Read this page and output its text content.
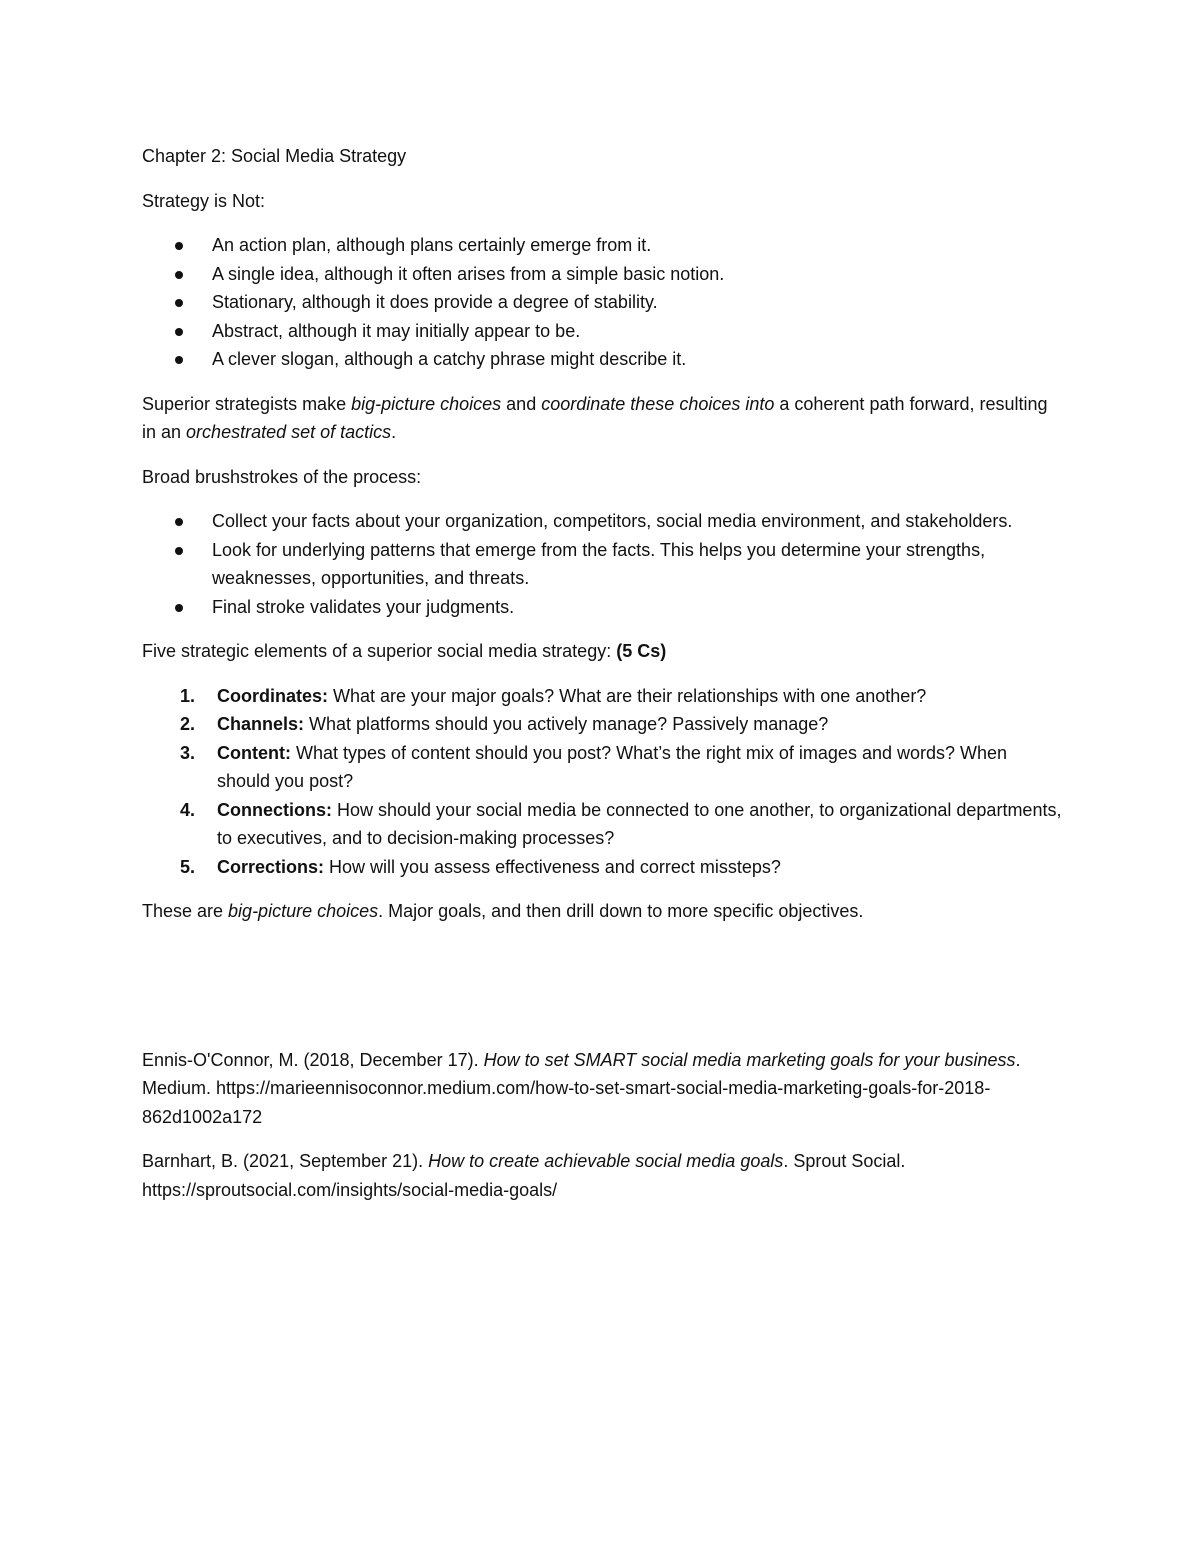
Chapter 2: Social Media Strategy

Strategy is Not:

An action plan, although plans certainly emerge from it.
A single idea, although it often arises from a simple basic notion.
Stationary, although it does provide a degree of stability.
Abstract, although it may initially appear to be.
A clever slogan, although a catchy phrase might describe it.

Superior strategists make big-picture choices and coordinate these choices into a coherent path forward, resulting in an orchestrated set of tactics.

Broad brushstrokes of the process:

Collect your facts about your organization, competitors, social media environment, and stakeholders.
Look for underlying patterns that emerge from the facts. This helps you determine your strengths, weaknesses, opportunities, and threats.
Final stroke validates your judgments.

Five strategic elements of a superior social media strategy: (5 Cs)

1. Coordinates: What are your major goals? What are their relationships with one another?
2. Channels: What platforms should you actively manage? Passively manage?
3. Content: What types of content should you post? What’s the right mix of images and words? When should you post?
4. Connections: How should your social media be connected to one another, to organizational departments, to executives, and to decision-making processes?
5. Corrections: How will you assess effectiveness and correct missteps?

These are big-picture choices. Major goals, and then drill down to more specific objectives.

Ennis-O'Connor, M. (2018, December 17). How to set SMART social media marketing goals for your business. Medium. https://marieennisoconnor.medium.com/how-to-set-smart-social-media-marketing-goals-for-2018-862d1002a172

Barnhart, B. (2021, September 21). How to create achievable social media goals. Sprout Social. https://sproutsocial.com/insights/social-media-goals/
